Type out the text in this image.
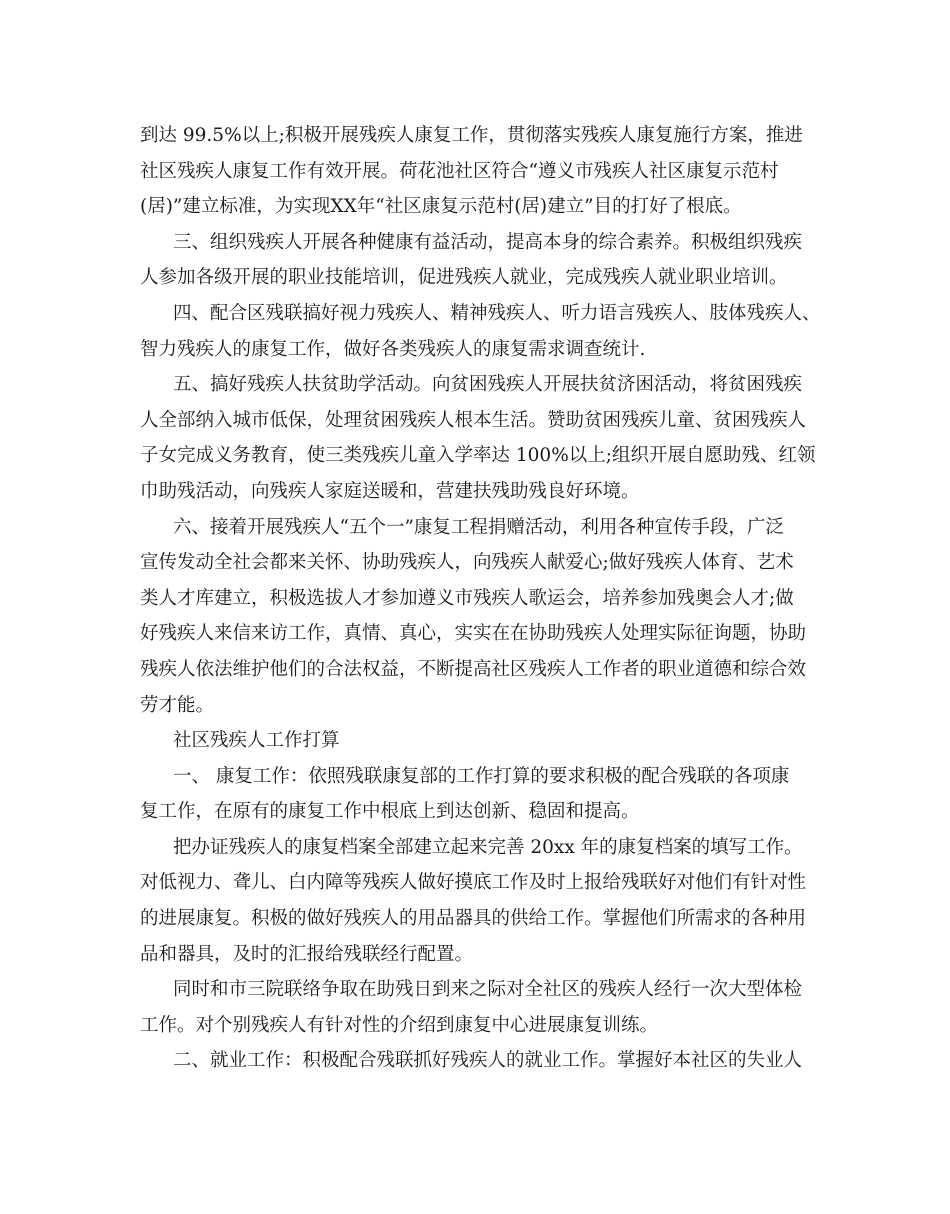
到达 99.5%以上;积极开展残疾人康复工作，贯彻落实残疾人康复施行方案，推进
社区残疾人康复工作有效开展。荷花池社区符合“遵义市残疾人社区康复示范村
(居)”建立标准，为实现XX年“社区康复示范村(居)建立”目的打好了根底。
三、组织残疾人开展各种健康有益活动，提高本身的综合素养。积极组织残疾
人参加各级开展的职业技能培训，促进残疾人就业，完成残疾人就业职业培训。
四、配合区残联搞好视力残疾人、精神残疾人、听力语言残疾人、肢体残疾人、
智力残疾人的康复工作，做好各类残疾人的康复需求调查统计.
五、搞好残疾人扶贫助学活动。向贫困残疾人开展扶贫济困活动，将贫困残疾
人全部纳入城市低保，处理贫困残疾人根本生活。赞助贫困残疾儿童、贫困残疾人
子女完成义务教育，使三类残疾儿童入学率达 100%以上;组织开展自愿助残、红领
巾助残活动，向残疾人家庭送暖和，营建扶残助残良好环境。
六、接着开展残疾人“五个一”康复工程捐赠活动，利用各种宣传手段，广泛
宣传发动全社会都来关怀、协助残疾人，向残疾人献爱心;做好残疾人体育、艺术
类人才库建立，积极选拔人才参加遵义市残疾人歌运会，培养参加残奥会人才;做
好残疾人来信来访工作，真情、真心，实实在在协助残疾人处理实际征询题，协助
残疾人依法维护他们的合法权益，不断提高社区残疾人工作者的职业道德和综合效
劳才能。
社区残疾人工作打算
一、 康复工作：依照残联康复部的工作打算的要求积极的配合残联的各项康
复工作，在原有的康复工作中根底上到达创新、稳固和提高。
把办证残疾人的康复档案全部建立起来完善 20xx 年的康复档案的填写工作。
对低视力、聋儿、白内障等残疾人做好摸底工作及时上报给残联好对他们有针对性
的进展康复。积极的做好残疾人的用品器具的供给工作。掌握他们所需求的各种用
品和器具，及时的汇报给残联经行配置。
同时和市三院联络争取在助残日到来之际对全社区的残疾人经行一次大型体检
工作。对个别残疾人有针对性的介绍到康复中心进展康复训练。
二、就业工作：积极配合残联抓好残疾人的就业工作。掌握好本社区的失业人
